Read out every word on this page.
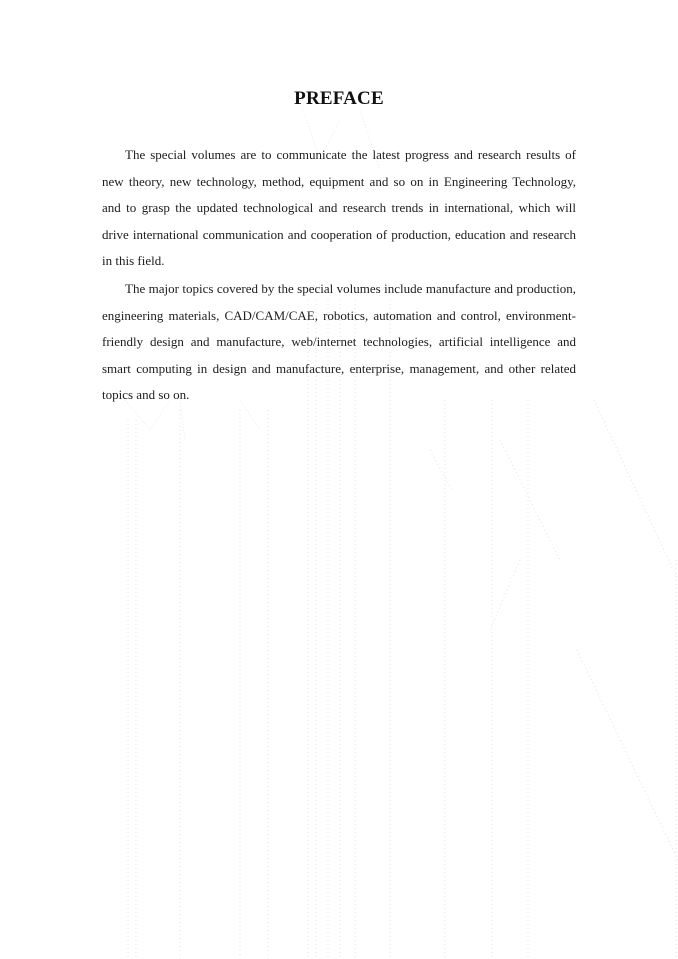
PREFACE

The special volumes are to communicate the latest progress and research results of new theory, new technology, method, equipment and so on in Engineering Technology, and to grasp the updated technological and research trends in international, which will drive international communication and cooperation of production, education and research in this field.

The major topics covered by the special volumes include manufacture and production, engineering materials, CAD/CAM/CAE, robotics, automation and control, environment-friendly design and manufacture, web/internet technologies, artificial intelligence and smart computing in design and manufacture, enterprise, management, and other related topics and so on.
